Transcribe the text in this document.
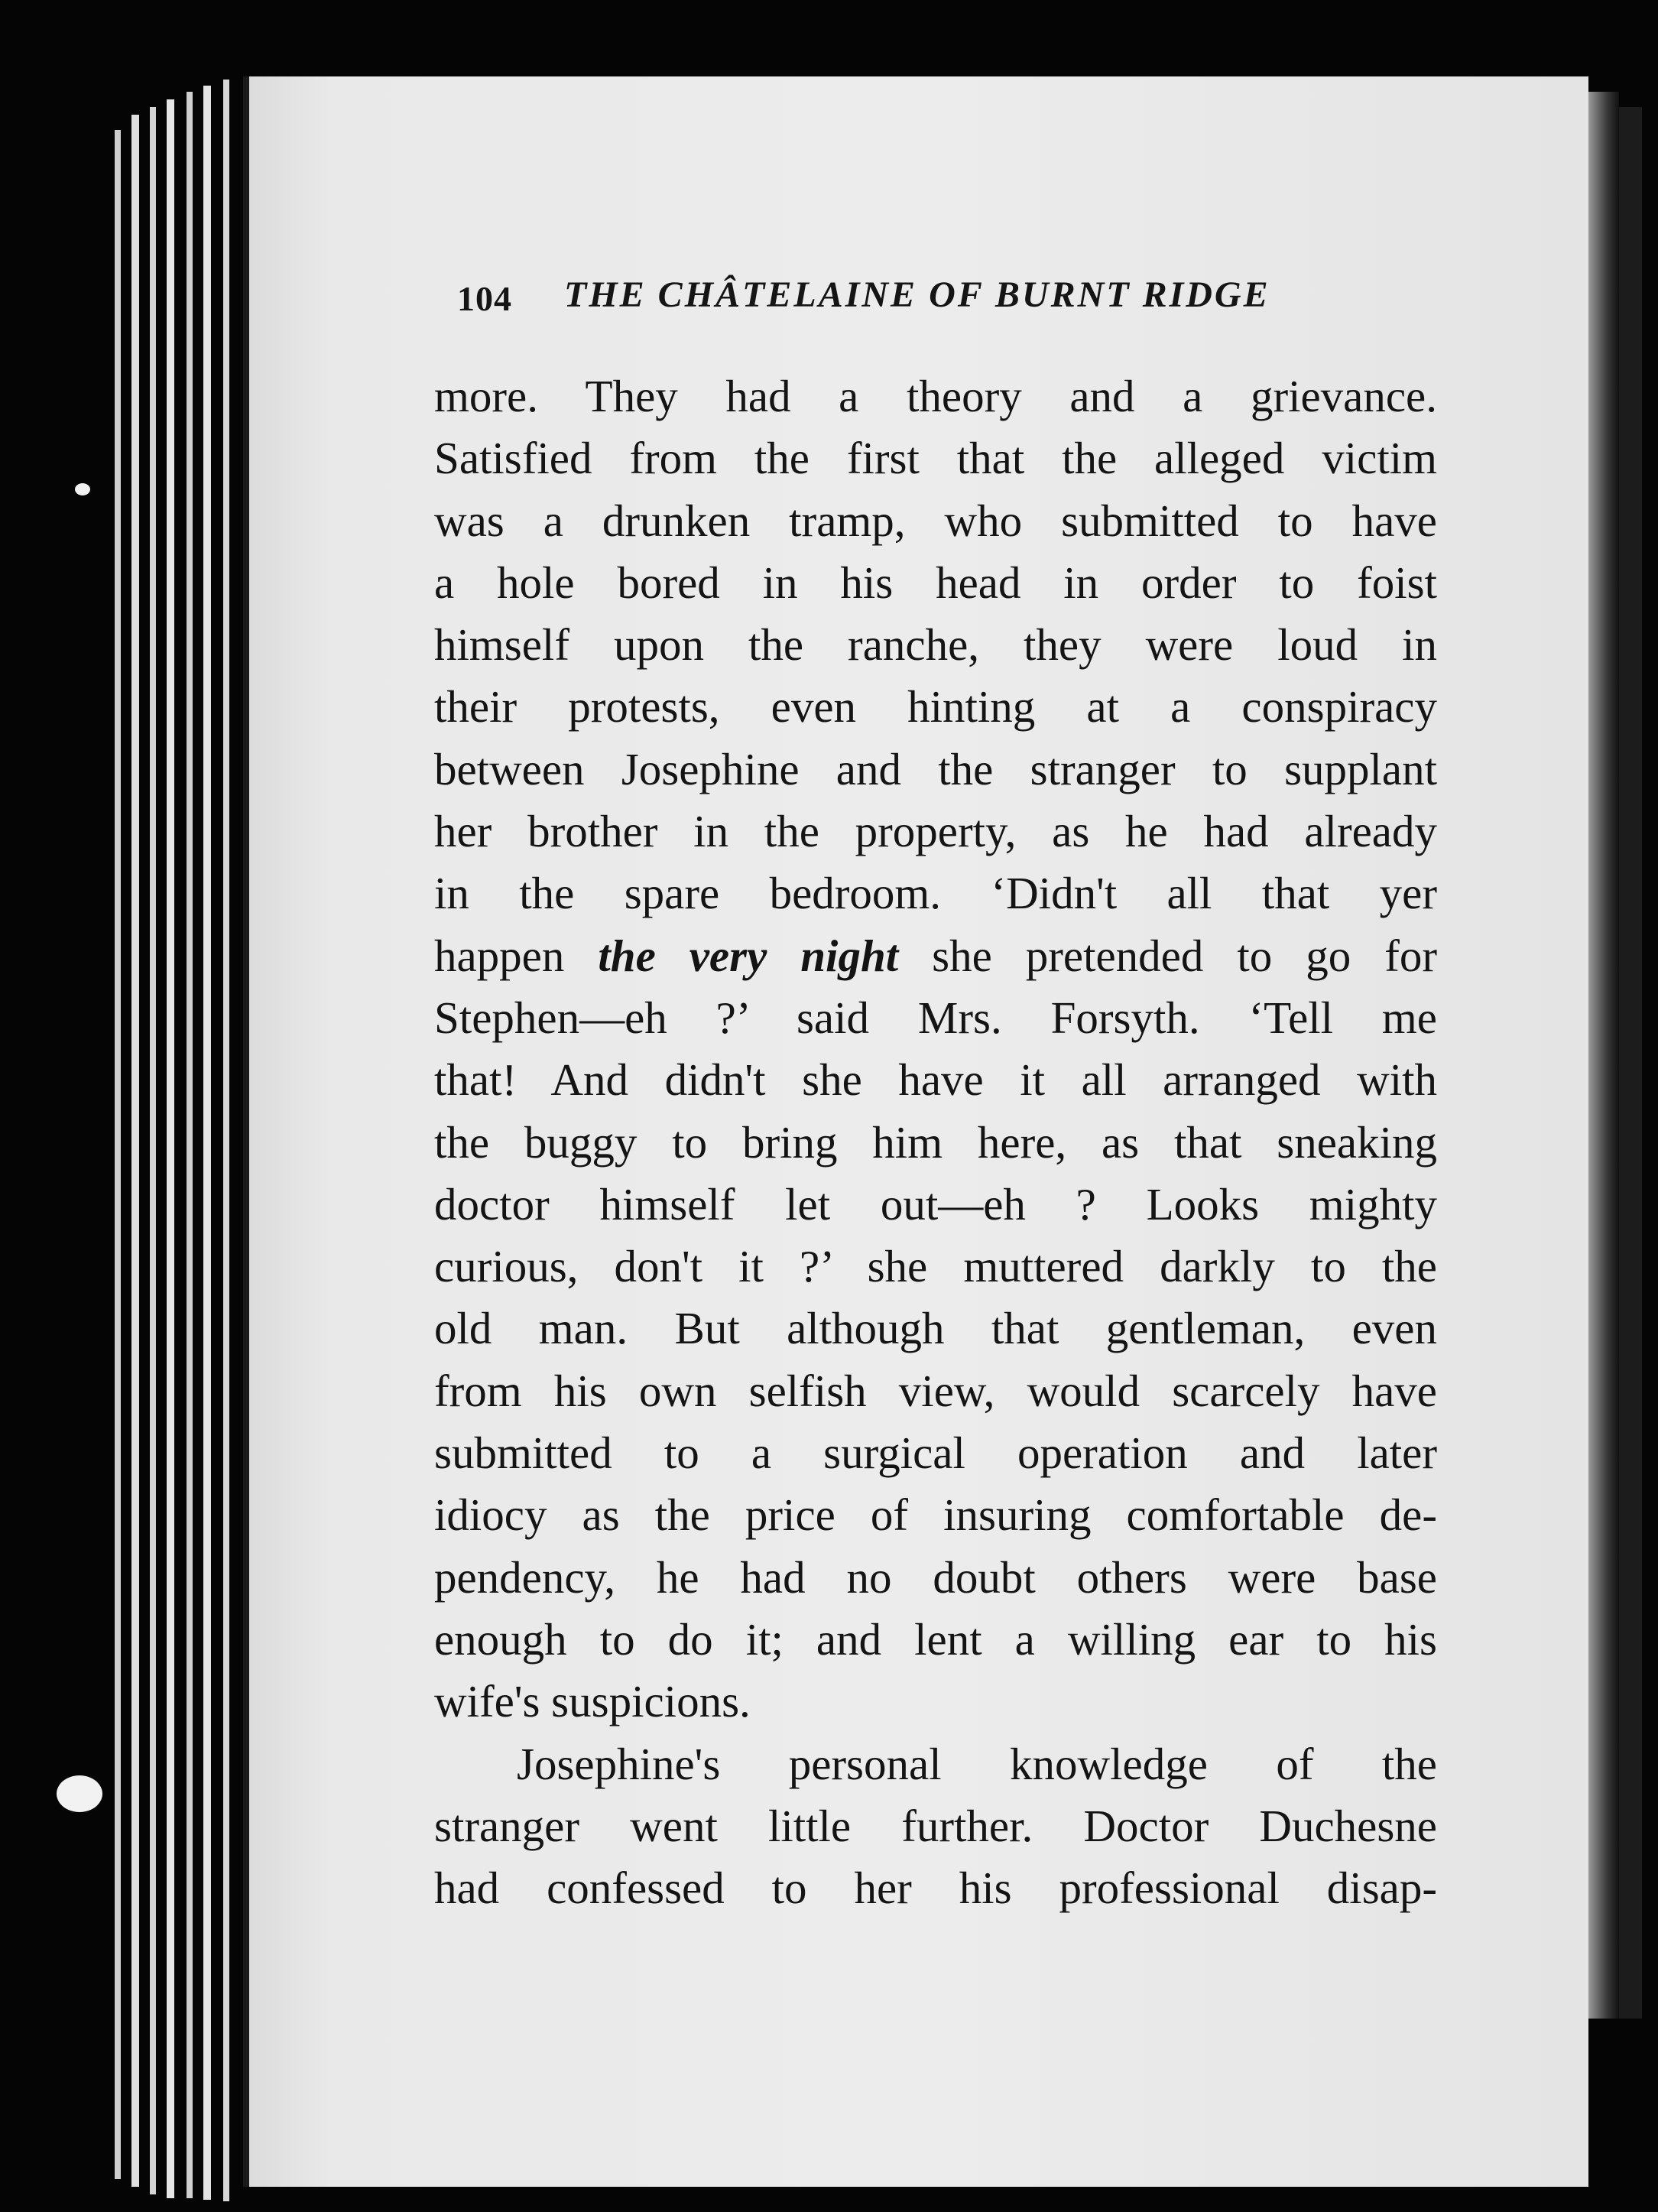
104 THE CHÂTELAINE OF BURNT RIDGE
more. They had a theory and a grievance.
Satisfied from the first that the alleged victim
was a drunken tramp, who submitted to have
a hole bored in his head in order to foist
himself upon the ranche, they were loud in
their protests, even hinting at a conspiracy
between Josephine and the stranger to supplant
her brother in the property, as he had already
in the spare bedroom. ‘Didn't all that yer
happen the very night she pretended to go for
Stephen—eh ?’ said Mrs. Forsyth. ‘Tell me
that! And didn't she have it all arranged with
the buggy to bring him here, as that sneaking
doctor himself let out—eh ? Looks mighty
curious, don't it ?’ she muttered darkly to the
old man. But although that gentleman, even
from his own selfish view, would scarcely have
submitted to a surgical operation and later
idiocy as the price of insuring comfortable de-
pendency, he had no doubt others were base
enough to do it; and lent a willing ear to his
wife's suspicions.
Josephine's personal knowledge of the
stranger went little further. Doctor Duchesne
had confessed to her his professional disap-
